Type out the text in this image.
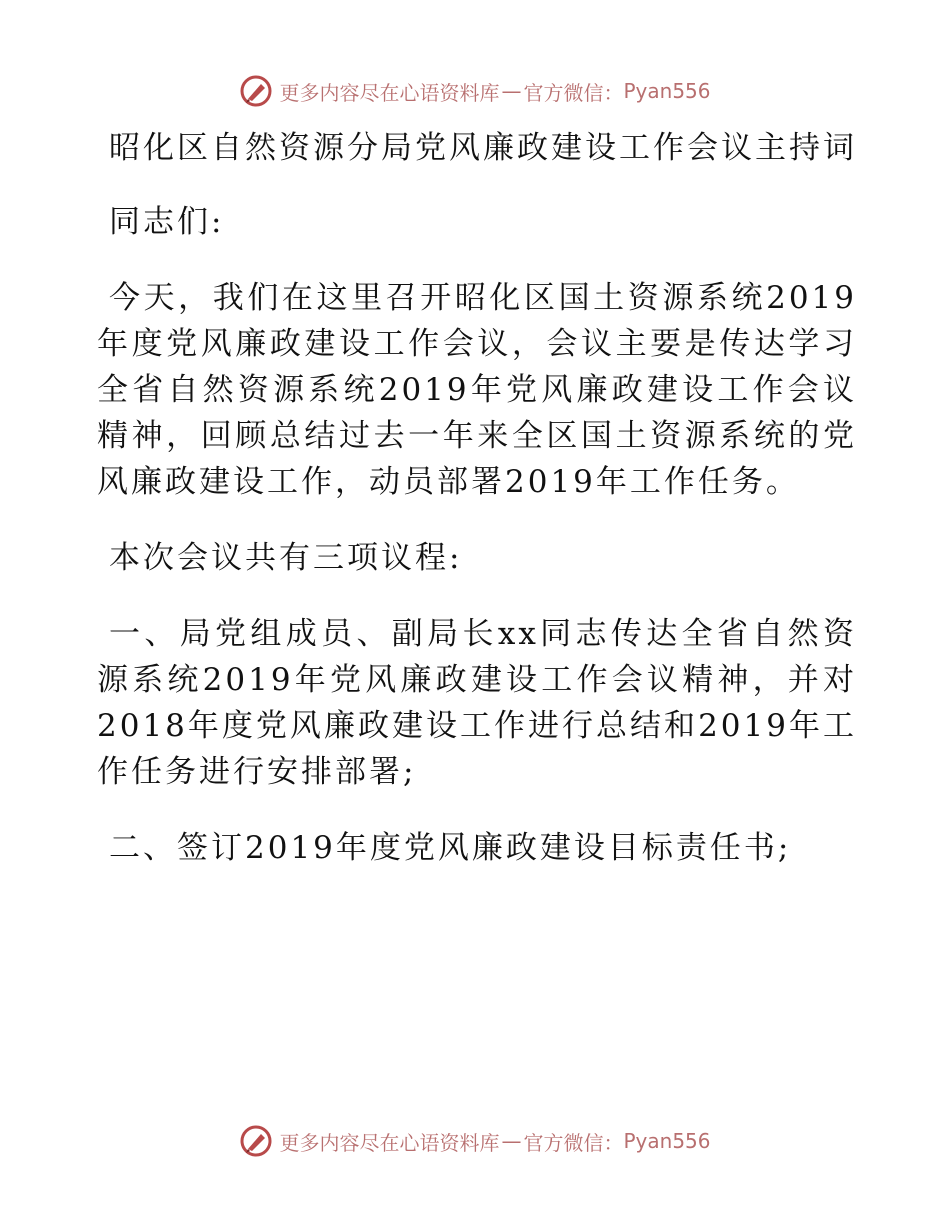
更多内容尽在心语资料库 — 官方微信： Pyan556

昭化区自然资源分局党风廉政建设工作会议主持词

同志们:

今天，我们在这里召开昭化区国土资源系统2019年度党风廉政建设工作会议，会议主要是传达学习全省自然资源系统2019年党风廉政建设工作会议精神，回顾总结过去一年来全区国土资源系统的党风廉政建设工作，动员部署2019年工作任务。

本次会议共有三项议程:

一、局党组成员、副局长xx同志传达全省自然资源系统2019年党风廉政建设工作会议精神，并对2018年度党风廉政建设工作进行总结和2019年工作任务进行安排部署;

二、签订2019年度党风廉政建设目标责任书;

更多内容尽在心语资料库 — 官方微信： Pyan556
